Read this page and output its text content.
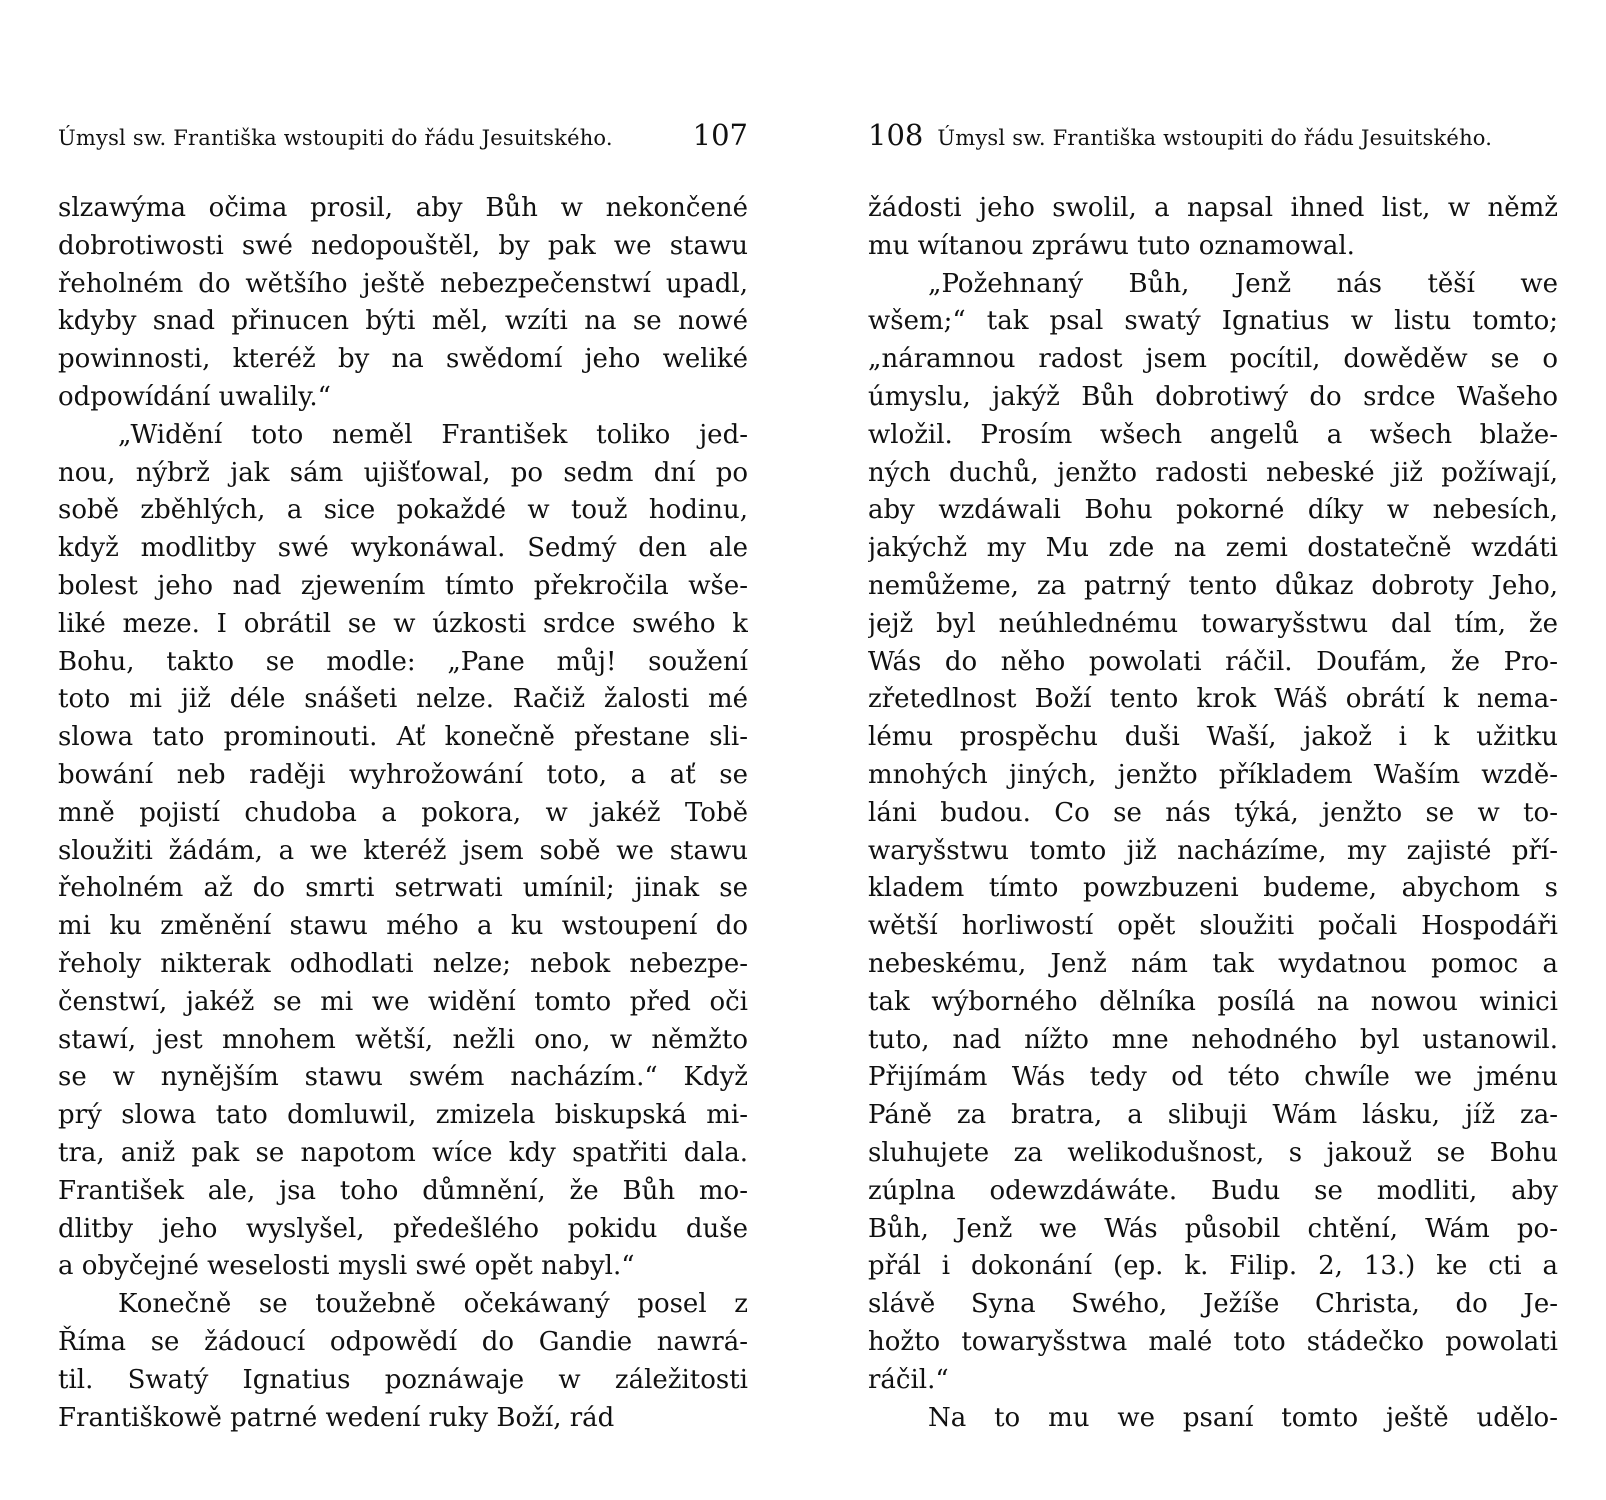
Úmysl sw. Františka wstoupiti do řádu Jesuitského.	107
slzawýma očima prosil, aby Bůh w nekončené
dobrotiwosti swé nedopouštěl, by pak we stawu
řeholném do wětšího ještě nebezpečenstwí upadl,
kdyby snad přinucen býti měl, wzíti na se nowé
powinnosti, kteréž by na swědomí jeho weliké
odpowídání uwalily.“
„Widění toto neměl František toliko jed-
nou, nýbrž jak sám ujišťowal, po sedm dní po
sobě zběhlých, a sice pokaždé w touž hodinu,
když modlitby swé wykonáwal. Sedmý den ale
bolest jeho nad zjewením tímto překročila wše-
liké meze. I obrátil se w úzkosti srdce swého k
Bohu, takto se modle: „Pane můj! soužení
toto mi již déle snášeti nelze. Račiž žalosti mé
slowa tato prominouti. Ať konečně přestane sli-
bowání neb raději wyhrožowání toto, a ať se
mně pojistí chudoba a pokora, w jakéž Tobě
sloužiti žádám, a we kteréž jsem sobě we stawu
řeholném až do smrti setrwati umínil; jinak se
mi ku změnění stawu mého a ku wstoupení do
řeholy nikterak odhodlati nelze; nebok nebezpe-
čenstwí, jakéž se mi we widění tomto před oči
stawí, jest mnohem wětší, nežli ono, w němžto
se w nynějším stawu swém nacházím.“ Když
prý slowa tato domluwil, zmizela biskupská mi-
tra, aniž pak se napotom wíce kdy spatřiti dala.
František ale, jsa toho důmnění, že Bůh mo-
dlitby jeho wyslyšel, předešlého pokidu duše
a obyčejné weselosti mysli swé opět nabyl.“
Konečně se toužebně očekáwaný posel z
Říma se žádoucí odpowědí do Gandie nawrá-
til. Swatý Ignatius poznáwaje w záležitosti
Františkowě patrné wedení ruky Boží, rád
108 Úmysl sw. Františka wstoupiti do řádu Jesuitského.
žádosti jeho swolil, a napsal ihned list, w němž
mu wítanou zpráwu tuto oznamowal.
„Požehnaný Bůh, Jenž nás těší we
wšem;“ tak psal swatý Ignatius w listu tomto;
„náramnou radost jsem pocítil, dowěděw se o
úmyslu, jakýž Bůh dobrotiwý do srdce Wašeho
wložil. Prosím wšech angelů a wšech blaže-
ných duchů, jenžto radosti nebeské již požíwají,
aby wzdáwali Bohu pokorné díky w nebesích,
jakýchž my Mu zde na zemi dostatečně wzdáti
nemůžeme, za patrný tento důkaz dobroty Jeho,
jejž byl neúhlednému towaryšstwu dal tím, že
Wás do něho powolati ráčil. Doufám, že Pro-
zřetedlnost Boží tento krok Wáš obrátí k nema-
lému prospěchu duši Waší, jakož i k užitku
mnohých jiných, jenžto příkladem Waším wzdě-
láni budou. Co se nás týká, jenžto se w to-
waryšstwu tomto již nacházíme, my zajisté pří-
kladem tímto powzbuzeni budeme, abychom s
wětší horliwostí opět sloužiti počali Hospodáři
nebeskému, Jenž nám tak wydatnou pomoc a
tak wýborného dělníka posílá na nowou winici
tuto, nad nížto mne nehodného byl ustanowil.
Přijímám Wás tedy od této chwíle we jménu
Páně za bratra, a slibuji Wám lásku, jíž za-
sluhujete za welikodušnost, s jakouž se Bohu
zúplna odewzdáwáte. Budu se modliti, aby
Bůh, Jenž we Wás působil chtění, Wám po-
přál i dokonání (ep. k. Filip. 2, 13.) ke cti a
slávě Syna Swého, Ježíše Christa, do Je-
hožto towaryšstwa malé toto stádečko powolati
ráčil.“
Na to mu we psaní tomto ještě udělo-
